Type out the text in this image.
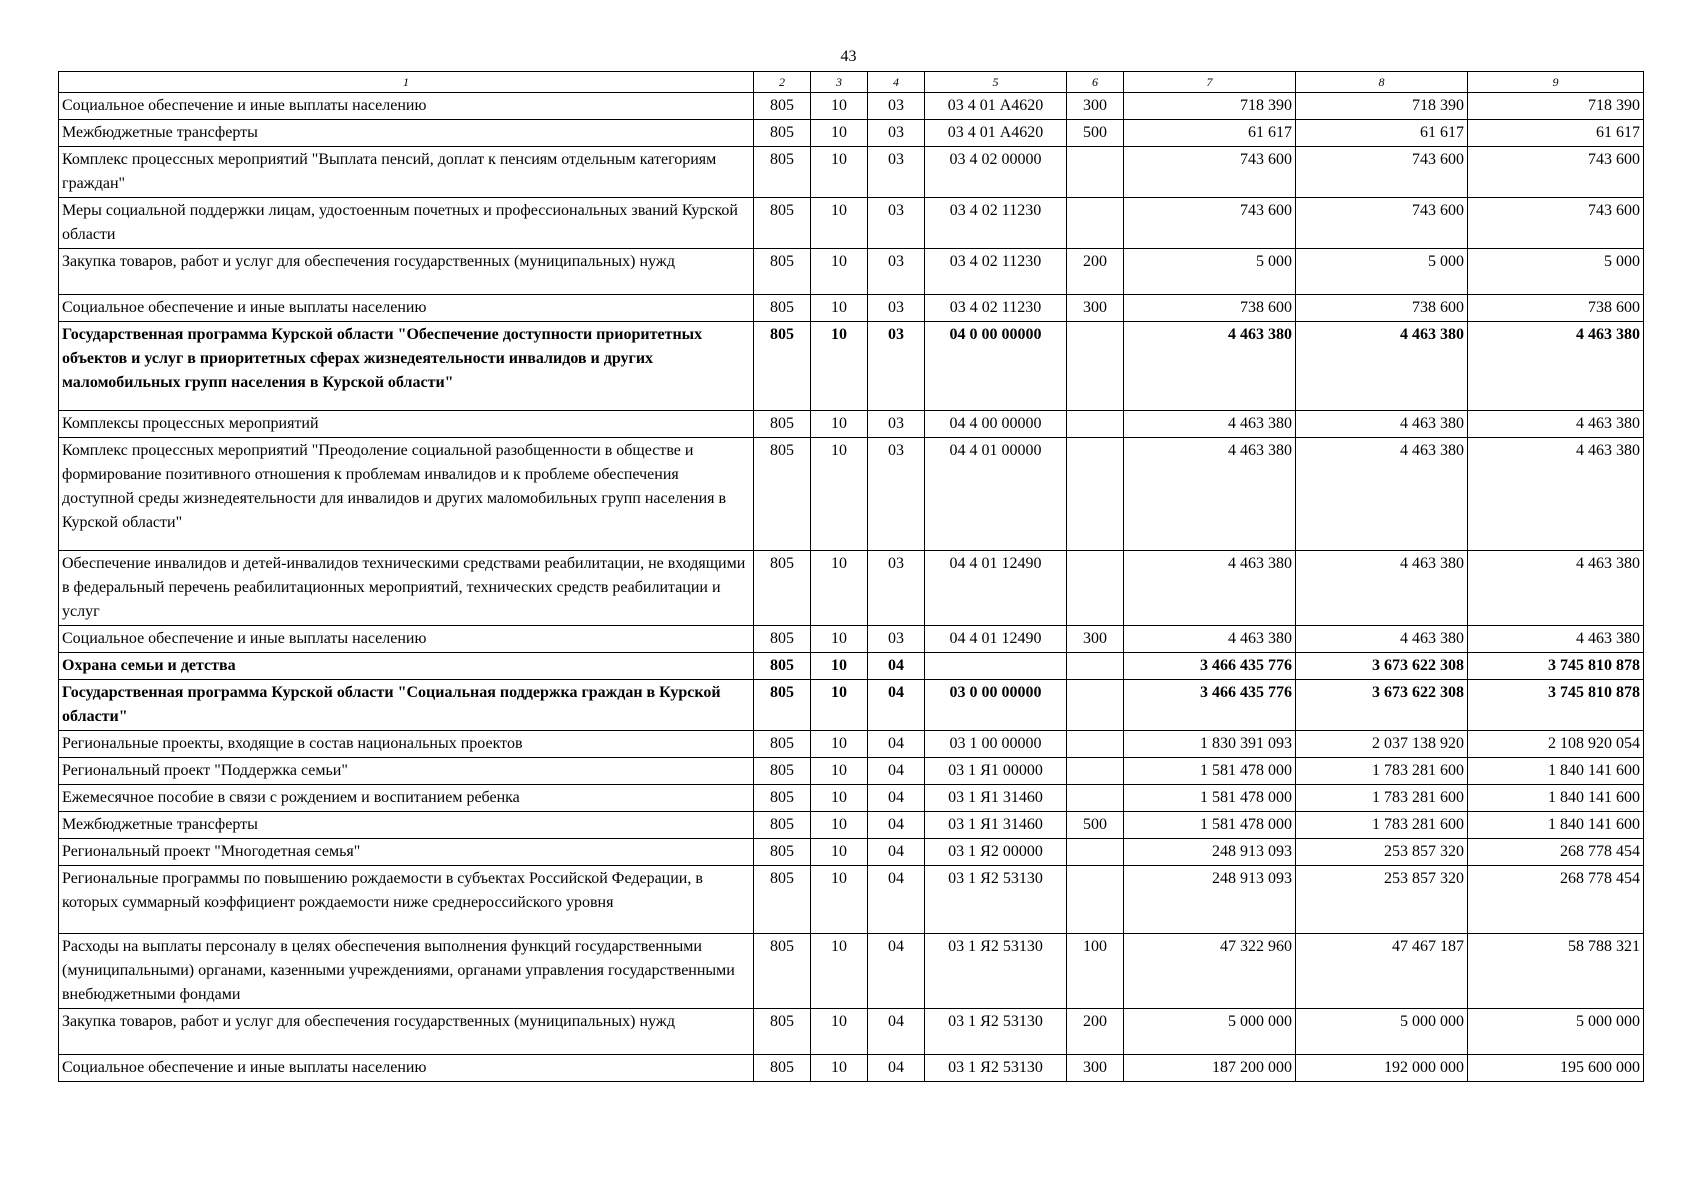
43
1	2	3	4	5	6	7	8	9
Социальное обеспечение и иные выплаты населению	805	10	03	03 4 01 А4620	300	718 390	718 390	718 390
Межбюджетные трансферты	805	10	03	03 4 01 А4620	500	61 617	61 617	61 617
Комплекс процессных мероприятий "Выплата пенсий, доплат к пенсиям отдельным категориям граждан"	805	10	03	03 4 02 00000		743 600	743 600	743 600
Меры социальной поддержки лицам, удостоенным почетных и профессиональных званий Курской области	805	10	03	03 4 02 11230		743 600	743 600	743 600
Закупка товаров, работ и услуг для обеспечения государственных (муниципальных) нужд	805	10	03	03 4 02 11230	200	5 000	5 000	5 000
Социальное обеспечение и иные выплаты населению	805	10	03	03 4 02 11230	300	738 600	738 600	738 600
Государственная программа Курской области "Обеспечение доступности приоритетных объектов и услуг в приоритетных сферах жизнедеятельности инвалидов и других маломобильных групп населения в Курской области"	805	10	03	04 0 00 00000		4 463 380	4 463 380	4 463 380
Комплексы процессных мероприятий	805	10	03	04 4 00 00000		4 463 380	4 463 380	4 463 380
Комплекс процессных мероприятий "Преодоление социальной разобщенности в обществе и формирование позитивного отношения к проблемам инвалидов и к проблеме обеспечения доступной среды жизнедеятельности для инвалидов и других маломобильных групп населения в Курской области"	805	10	03	04 4 01 00000		4 463 380	4 463 380	4 463 380
Обеспечение инвалидов и детей-инвалидов техническими средствами реабилитации, не входящими в федеральный перечень реабилитационных мероприятий, технических средств реабилитации и услуг	805	10	03	04 4 01 12490		4 463 380	4 463 380	4 463 380
Социальное обеспечение и иные выплаты населению	805	10	03	04 4 01 12490	300	4 463 380	4 463 380	4 463 380
Охрана семьи и детства	805	10	04			3 466 435 776	3 673 622 308	3 745 810 878
Государственная программа Курской области "Социальная поддержка граждан в Курской области"	805	10	04	03 0 00 00000		3 466 435 776	3 673 622 308	3 745 810 878
Региональные проекты, входящие в состав национальных проектов	805	10	04	03 1 00 00000		1 830 391 093	2 037 138 920	2 108 920 054
Региональный проект "Поддержка семьи"	805	10	04	03 1 Я1 00000		1 581 478 000	1 783 281 600	1 840 141 600
Ежемесячное пособие в связи с рождением и воспитанием ребенка	805	10	04	03 1 Я1 31460		1 581 478 000	1 783 281 600	1 840 141 600
Межбюджетные трансферты	805	10	04	03 1 Я1 31460	500	1 581 478 000	1 783 281 600	1 840 141 600
Региональный проект "Многодетная семья"	805	10	04	03 1 Я2 00000		248 913 093	253 857 320	268 778 454
Региональные программы по повышению рождаемости в субъектах Российской Федерации, в которых суммарный коэффициент рождаемости ниже среднероссийского уровня	805	10	04	03 1 Я2 53130		248 913 093	253 857 320	268 778 454
Расходы на выплаты персоналу в целях обеспечения выполнения функций государственными (муниципальными) органами, казенными учреждениями, органами управления государственными внебюджетными фондами	805	10	04	03 1 Я2 53130	100	47 322 960	47 467 187	58 788 321
Закупка товаров, работ и услуг для обеспечения государственных (муниципальных) нужд	805	10	04	03 1 Я2 53130	200	5 000 000	5 000 000	5 000 000
Социальное обеспечение и иные выплаты населению	805	10	04	03 1 Я2 53130	300	187 200 000	192 000 000	195 600 000
